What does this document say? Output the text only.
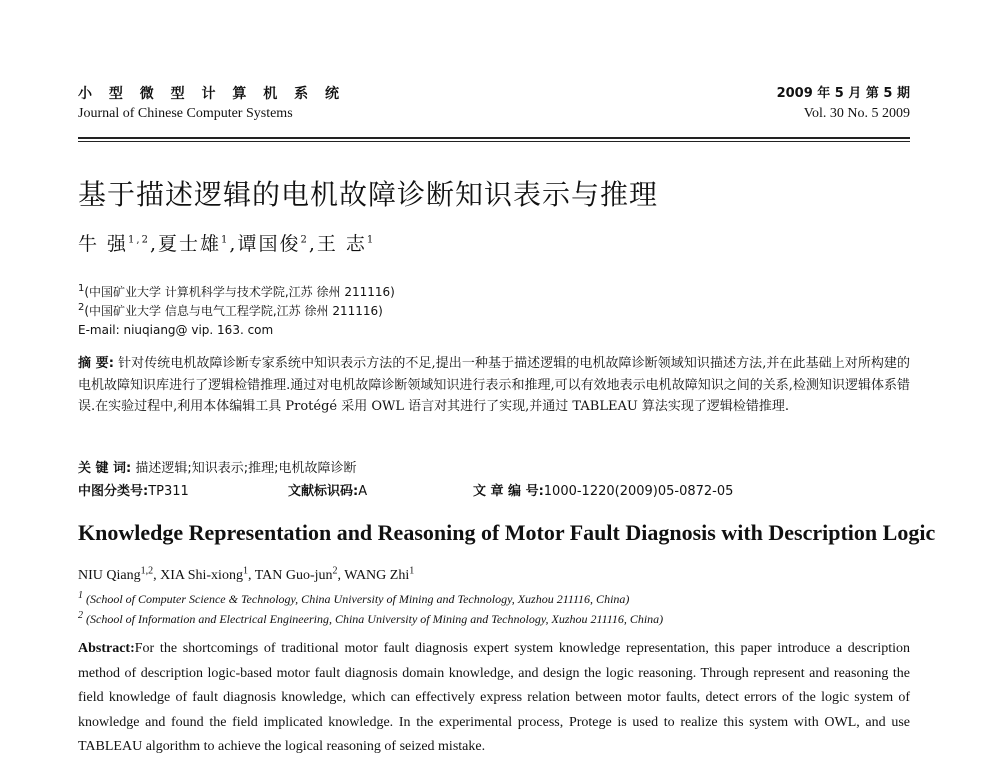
小 型 微 型 计 算 机 系 统
Journal of Chinese Computer Systems
2009 年 5 月 第 5 期
Vol. 30 No. 5 2009
基于描述逻辑的电机故障诊断知识表示与推理
牛 强$^{1,2}$,夏士雄$^1$,谭国俊$^2$,王 志$^1$
$^1$(中国矿业大学 计算机科学与技术学院,江苏 徐州 211116)
$^2$(中国矿业大学 信息与电气工程学院,江苏 徐州 211116)
E-mail: niuqiang@ vip. 163. com
摘 要: 针对传统电机故障诊断专家系统中知识表示方法的不足,提出一种基于描述逻辑的电机故障诊断领域知识描述方法,并在此基础上对所构建的电机故障知识库进行了逻辑检错推理.通过对电机故障诊断领域知识进行表示和推理,可以有效地表示电机故障知识之间的关系,检测知识逻辑体系错误.在实验过程中,利用本体编辑工具 Protégé 采用 OWL 语言对其进行了实现,并通过 TABLEAU 算法实现了逻辑检错推理.
关 键 词: 描述逻辑;知识表示;推理;电机故障诊断
中图分类号:TP311	文献标识码:A	文 章 编 号:1000-1220(2009)05-0872-05
Knowledge Representation and Reasoning of Motor Fault Diagnosis with Description Logic
NIU Qiang$^{1,2}$, XIA Shi-xiong$^1$, TAN Guo-jun$^2$, WANG Zhi$^1$
$^1$ (School of Computer Science & Technology, China University of Mining and Technology, Xuzhou 211116, China)
$^2$ (School of Information and Electrical Engineering, China University of Mining and Technology, Xuzhou 211116, China)
Abstract:For the shortcomings of traditional motor fault diagnosis expert system knowledge representation, this paper introduce a description method of description logic-based motor fault diagnosis domain knowledge, and design the logic reasoning. Through represent and reasoning the field knowledge of fault diagnosis knowledge, which can effectively express relation between motor faults, detect errors of the logic system of knowledge and found the field implicated knowledge. In the experimental process, Protege is used to realize this system with OWL, and use TABLEAU algorithm to achieve the logical reasoning of seized mistake.
